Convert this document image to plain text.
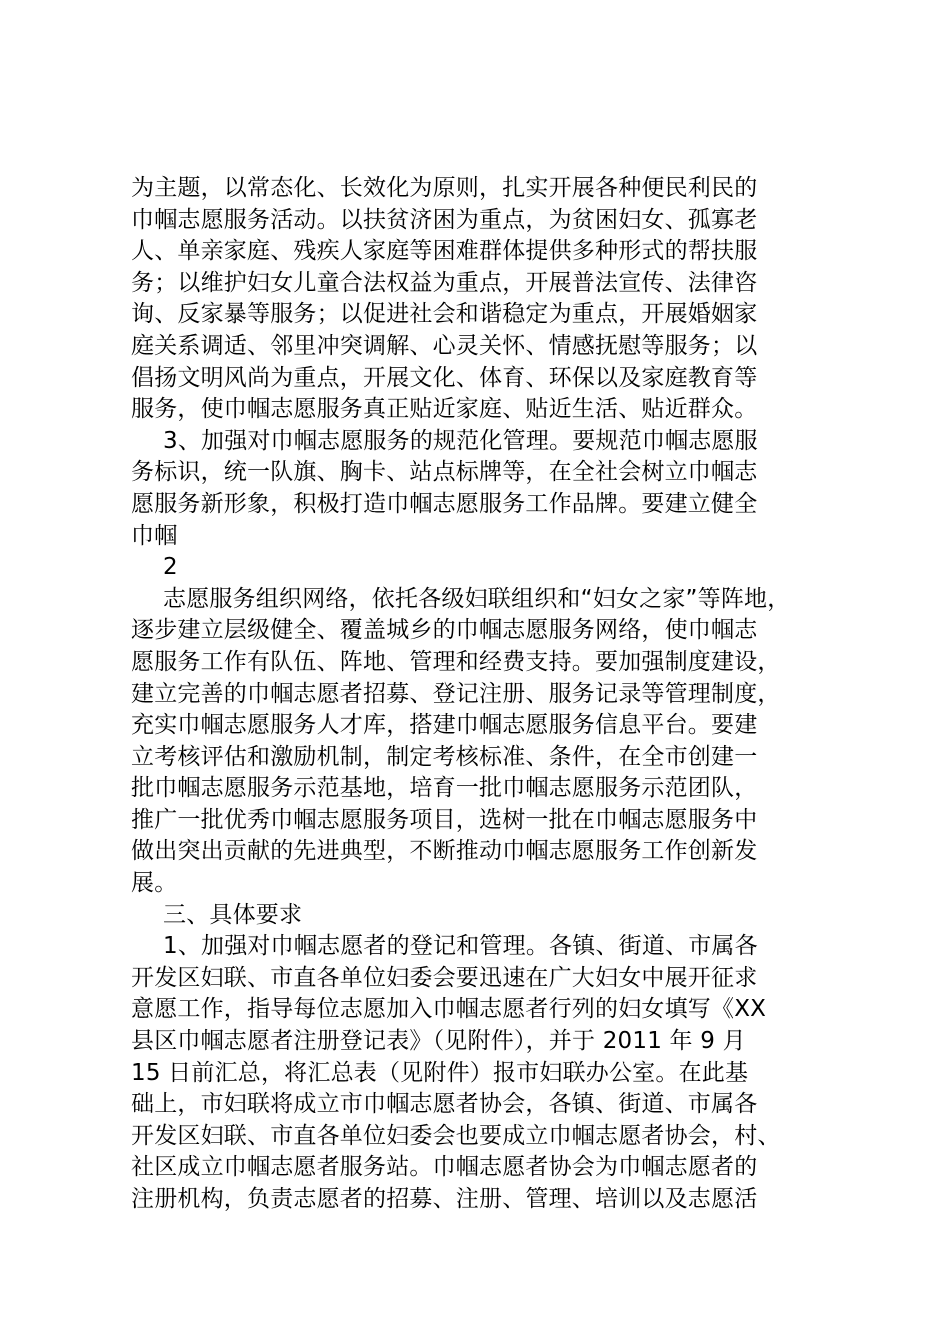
为主题，以常态化、长效化为原则，扎实开展各种便民利民的
巾帼志愿服务活动。以扶贫济困为重点，为贫困妇女、孤寡老
人、单亲家庭、残疾人家庭等困难群体提供多种形式的帮扶服
务；以维护妇女儿童合法权益为重点，开展普法宣传、法律咨
询、反家暴等服务；以促进社会和谐稳定为重点，开展婚姻家
庭关系调适、邻里冲突调解、心灵关怀、情感抚慰等服务；以
倡扬文明风尚为重点，开展文化、体育、环保以及家庭教育等
服务，使巾帼志愿服务真正贴近家庭、贴近生活、贴近群众。
3、加强对巾帼志愿服务的规范化管理。要规范巾帼志愿服
务标识，统一队旗、胸卡、站点标牌等，在全社会树立巾帼志
愿服务新形象，积极打造巾帼志愿服务工作品牌。要建立健全
巾帼
2
志愿服务组织网络，依托各级妇联组织和“妇女之家”等阵地，
逐步建立层级健全、覆盖城乡的巾帼志愿服务网络，使巾帼志
愿服务工作有队伍、阵地、管理和经费支持。要加强制度建设，
建立完善的巾帼志愿者招募、登记注册、服务记录等管理制度，
充实巾帼志愿服务人才库，搭建巾帼志愿服务信息平台。要建
立考核评估和激励机制，制定考核标准、条件，在全市创建一
批巾帼志愿服务示范基地，培育一批巾帼志愿服务示范团队，
推广一批优秀巾帼志愿服务项目，选树一批在巾帼志愿服务中
做出突出贡献的先进典型，不断推动巾帼志愿服务工作创新发
展。
三、具体要求
1、加强对巾帼志愿者的登记和管理。各镇、街道、市属各
开发区妇联、市直各单位妇委会要迅速在广大妇女中展开征求
意愿工作，指导每位志愿加入巾帼志愿者行列的妇女填写《XX
县区巾帼志愿者注册登记表》（见附件），并于 2011 年 9 月
15 日前汇总，将汇总表（见附件）报市妇联办公室。在此基
础上，市妇联将成立市巾帼志愿者协会，各镇、街道、市属各
开发区妇联、市直各单位妇委会也要成立巾帼志愿者协会，村、
社区成立巾帼志愿者服务站。巾帼志愿者协会为巾帼志愿者的
注册机构，负责志愿者的招募、注册、管理、培训以及志愿活
